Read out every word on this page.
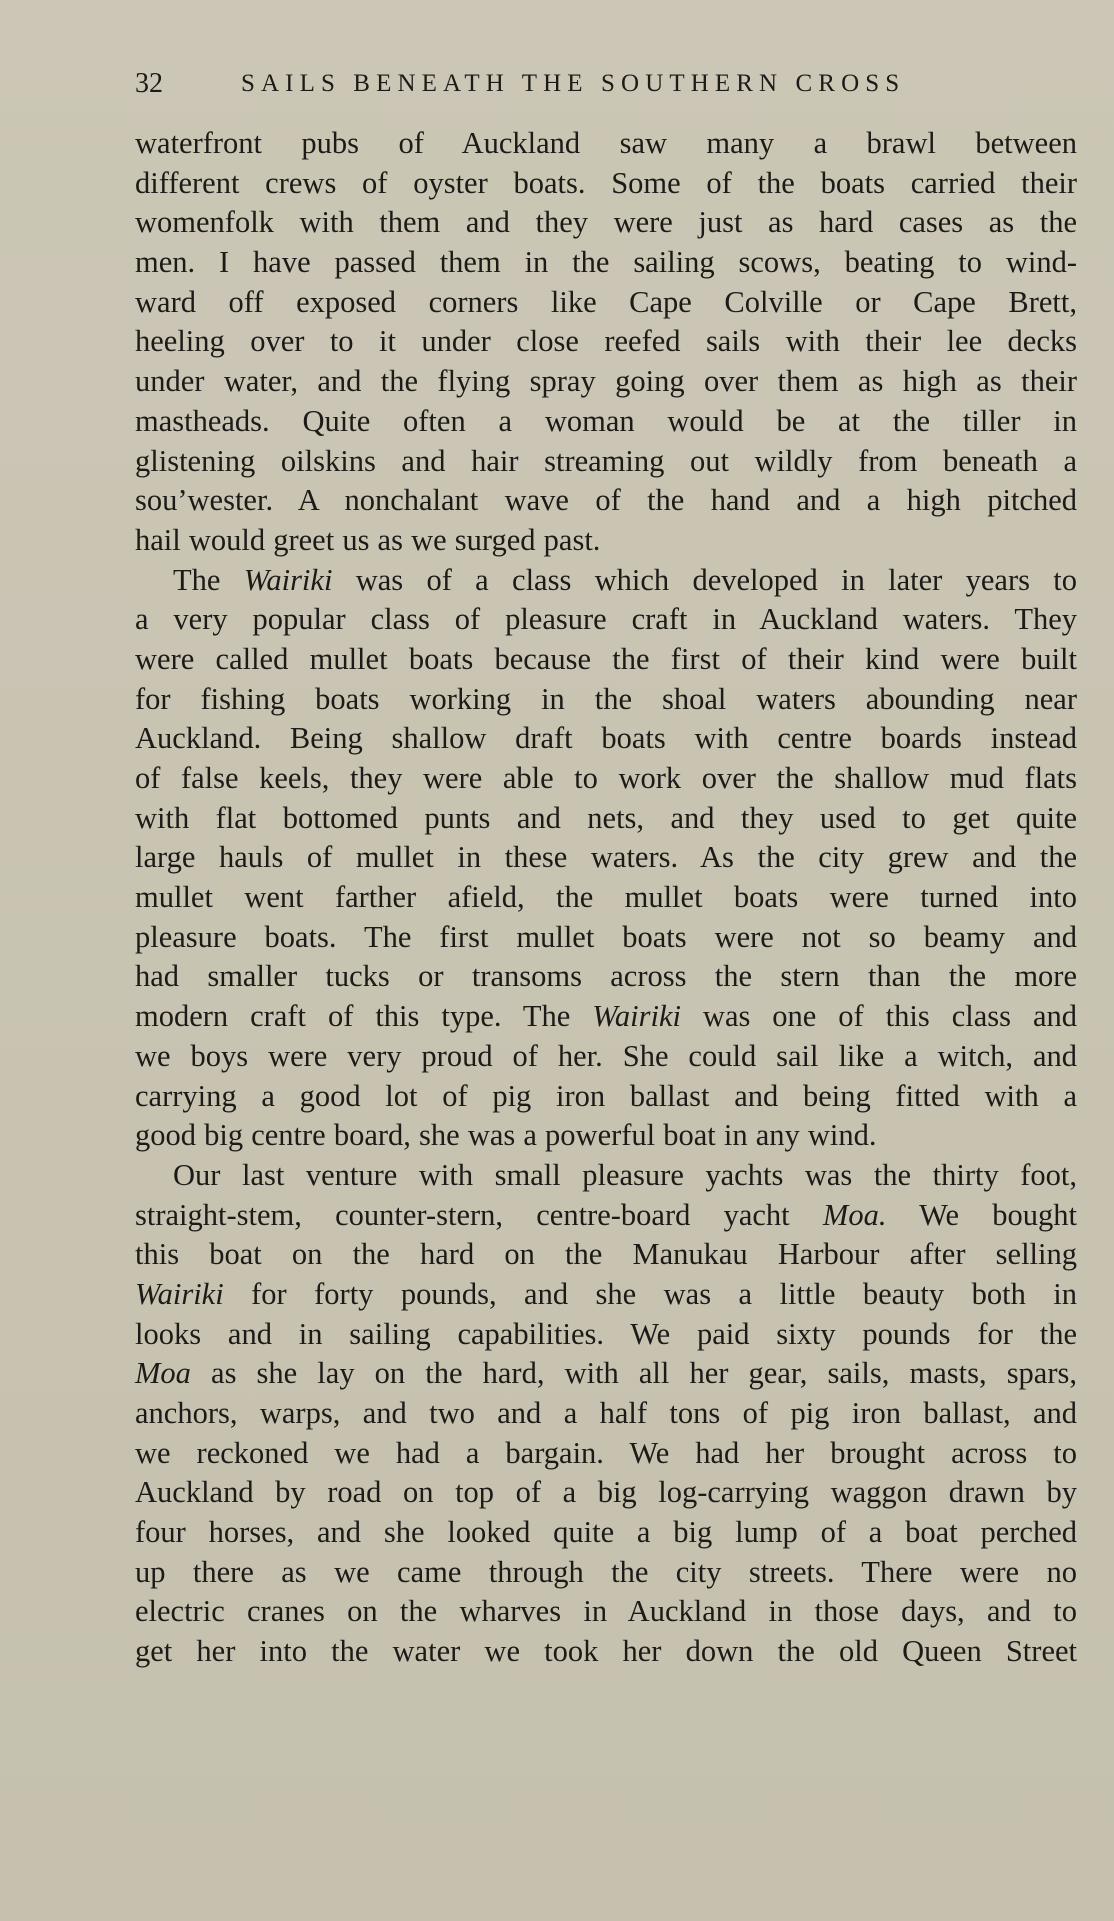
32	SAILS BENEATH THE SOUTHERN CROSS
waterfront pubs of Auckland saw many a brawl between
different crews of oyster boats. Some of the boats carried their
womenfolk with them and they were just as hard cases as the
men. I have passed them in the sailing scows, beating to wind-
ward off exposed corners like Cape Colville or Cape Brett,
heeling over to it under close reefed sails with their lee decks
under water, and the flying spray going over them as high as their
mastheads. Quite often a woman would be at the tiller in
glistening oilskins and hair streaming out wildly from beneath a
sou’wester. A nonchalant wave of the hand and a high pitched
hail would greet us as we surged past.
The Wairiki was of a class which developed in later years to
a very popular class of pleasure craft in Auckland waters. They
were called mullet boats because the first of their kind were built
for fishing boats working in the shoal waters abounding near
Auckland. Being shallow draft boats with centre boards instead
of false keels, they were able to work over the shallow mud flats
with flat bottomed punts and nets, and they used to get quite
large hauls of mullet in these waters. As the city grew and the
mullet went farther afield, the mullet boats were turned into
pleasure boats. The first mullet boats were not so beamy and
had smaller tucks or transoms across the stern than the more
modern craft of this type. The Wairiki was one of this class and
we boys were very proud of her. She could sail like a witch, and
carrying a good lot of pig iron ballast and being fitted with a
good big centre board, she was a powerful boat in any wind.
Our last venture with small pleasure yachts was the thirty foot,
straight-stem, counter-stern, centre-board yacht Moa. We bought
this boat on the hard on the Manukau Harbour after selling
Wairiki for forty pounds, and she was a little beauty both in
looks and in sailing capabilities. We paid sixty pounds for the
Moa as she lay on the hard, with all her gear, sails, masts, spars,
anchors, warps, and two and a half tons of pig iron ballast, and
we reckoned we had a bargain. We had her brought across to
Auckland by road on top of a big log-carrying waggon drawn by
four horses, and she looked quite a big lump of a boat perched
up there as we came through the city streets. There were no
electric cranes on the wharves in Auckland in those days, and to
get her into the water we took her down the old Queen Street
